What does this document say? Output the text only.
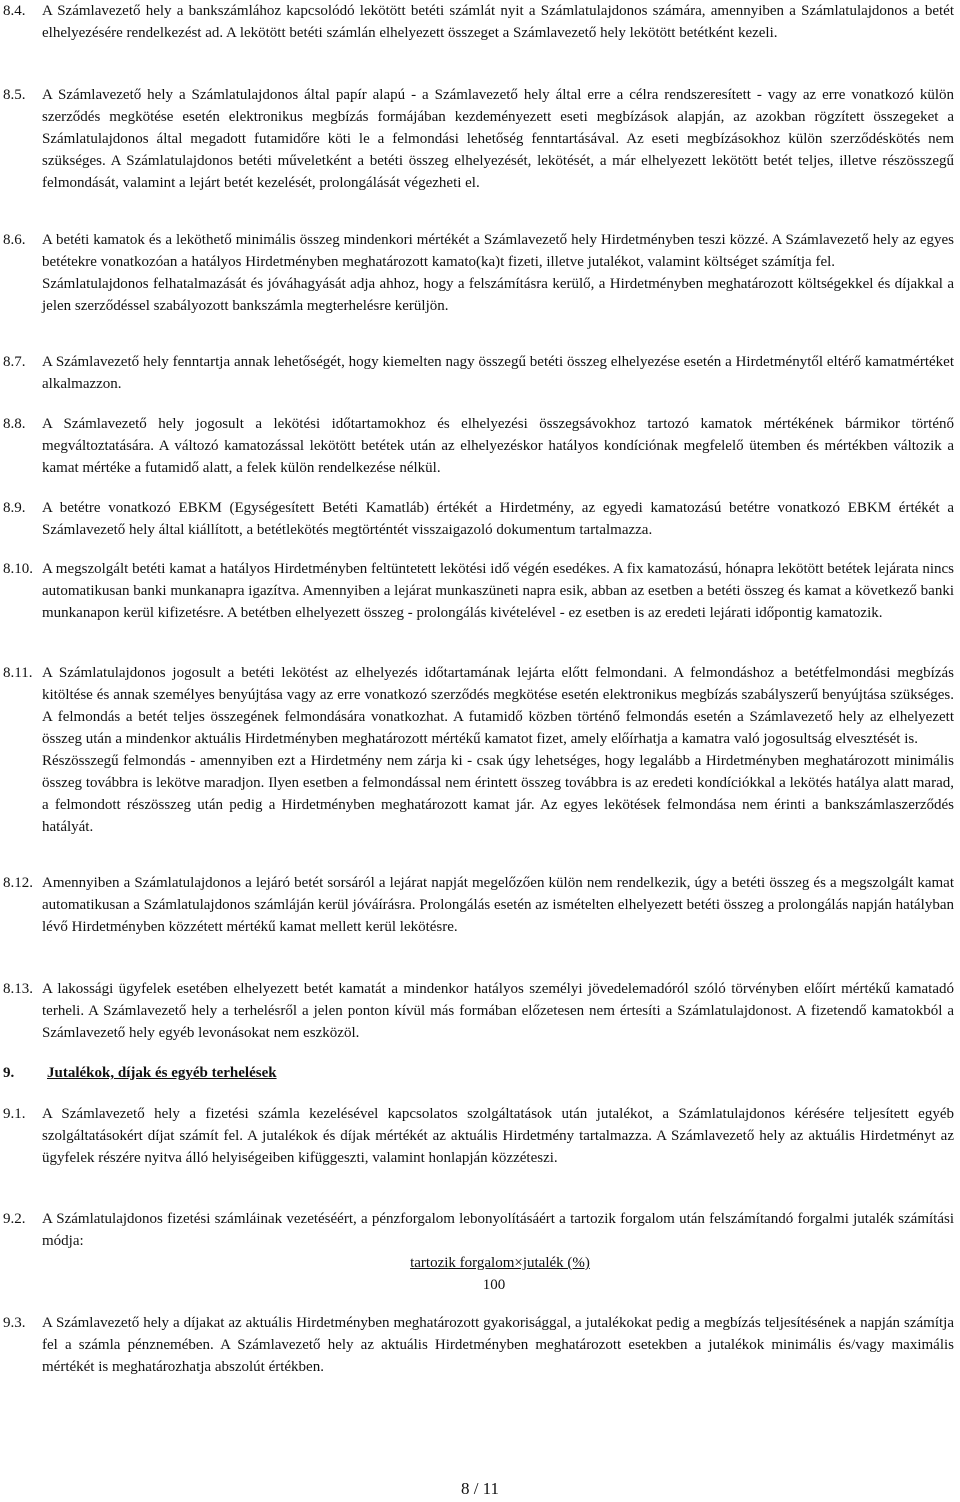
8.4. A Számlavezető hely a bankszámlához kapcsolódó lekötött betéti számlát nyit a Számlatulajdonos számára, amennyiben a Számlatulajdonos a betét elhelyezésére rendelkezést ad. A lekötött betéti számlán elhelyezett összeget a Számlavezető hely lekötött betétként kezeli.

8.5. A Számlavezető hely a Számlatulajdonos által papír alapú - a Számlavezető hely által erre a célra rendszeresített - vagy az erre vonatkozó külön szerződés megkötése esetén elektronikus megbízás formájában kezdeményezett eseti megbízások alapján, az azokban rögzített összegeket a Számlatulajdonos által megadott futamidőre köti le a felmondási lehetőség fenntartásával. Az eseti megbízásokhoz külön szerződéskötés nem szükséges. A Számlatulajdonos betéti műveletként a betéti összeg elhelyezését, lekötését, a már elhelyezett lekötött betét teljes, illetve részösszegű felmondását, valamint a lejárt betét kezelését, prolongálását végezheti el.

8.6. A betéti kamatok és a leköthető minimális összeg mindenkori mértékét a Számlavezető hely Hirdetményben teszi közzé. A Számlavezető hely az egyes betétekre vonatkozóan a hatályos Hirdetményben meghatározott kamato(ka)t fizeti, illetve jutalékot, valamint költséget számítja fel.

Számlatulajdonos felhatalmazását és jóváhagyását adja ahhoz, hogy a felszámításra kerülő, a Hirdetményben meghatározott költségekkel és díjakkal a jelen szerződéssel szabályozott bankszámla megterhelésre kerüljön.

8.7. A Számlavezető hely fenntartja annak lehetőségét, hogy kiemelten nagy összegű betéti összeg elhelyezése esetén a Hirdetménytől eltérő kamatmértéket alkalmazzon.

8.8. A Számlavezető hely jogosult a lekötési időtartamokhoz és elhelyezési összegsávokhoz tartozó kamatok mértékének bármikor történő megváltoztatására. A változó kamatozással lekötött betétek után az elhelyezéskor hatályos kondíciónak megfelelő ütemben és mértékben változik a kamat mértéke a futamidő alatt, a felek külön rendelkezése nélkül.

8.9. A betétre vonatkozó EBKM (Egységesített Betéti Kamatláb) értékét a Hirdetmény, az egyedi kamatozású betétre vonatkozó EBKM értékét a Számlavezető hely által kiállított, a betétlekötés megtörténtét visszaigazoló dokumentum tartalmazza.

8.10. A megszolgált betéti kamat a hatályos Hirdetményben feltüntetett lekötési idő végén esedékes. A fix kamatozású, hónapra lekötött betétek lejárata nincs automatikusan banki munkanapra igazítva. Amennyiben a lejárat munkaszüneti napra esik, abban az esetben a betéti összeg és kamat a következő banki munkanapon kerül kifizetésre. A betétben elhelyezett összeg - prolongálás kivételével - ez esetben is az eredeti lejárati időpontig kamatozik.

8.11. A Számlatulajdonos jogosult a betéti lekötést az elhelyezés időtartamának lejárta előtt felmondani. A felmondáshoz a betétfelmondási megbízás kitöltése és annak személyes benyújtása vagy az erre vonatkozó szerződés megkötése esetén elektronikus megbízás szabályszerű benyújtása szükséges. A felmondás a betét teljes összegének felmondására vonatkozhat. A futamidő közben történő felmondás esetén a Számlavezető hely az elhelyezett összeg után a mindenkor aktuális Hirdetményben meghatározott mértékű kamatot fizet, amely előírhatja a kamatra való jogosultság elvesztését is.

Részösszegű felmondás - amennyiben ezt a Hirdetmény nem zárja ki - csak úgy lehetséges, hogy legalább a Hirdetményben meghatározott minimális összeg továbbra is lekötve maradjon. Ilyen esetben a felmondással nem érintett összeg továbbra is az eredeti kondíciókkal a lekötés hatálya alatt marad, a felmondott részösszeg után pedig a Hirdetményben meghatározott kamat jár. Az egyes lekötések felmondása nem érinti a bankszámlaszerződés hatályát.

8.12. Amennyiben a Számlatulajdonos a lejáró betét sorsáról a lejárat napját megelőzően külön nem rendelkezik, úgy a betéti összeg és a megszolgált kamat automatikusan a Számlatulajdonos számláján kerül jóváírásra. Prolongálás esetén az ismételten elhelyezett betéti összeg a prolongálás napján hatályban lévő Hirdetményben közzétett mértékű kamat mellett kerül lekötésre.

8.13. A lakossági ügyfelek esetében elhelyezett betét kamatát a mindenkor hatályos személyi jövedelemadóról szóló törvényben előírt mértékű kamatadó terheli. A Számlavezető hely a terhelésről a jelen ponton kívül más formában előzetesen nem értesíti a Számlatulajdonost. A fizetendő kamatokból a Számlavezető hely egyéb levonásokat nem eszközöl.

9. Jutalékok, díjak és egyéb terhelések
9.1. A Számlavezető hely a fizetési számla kezelésével kapcsolatos szolgáltatások után jutalékot, a Számlatulajdonos kérésére teljesített egyéb szolgáltatásokért díjat számít fel. A jutalékok és díjak mértékét az aktuális Hirdetmény tartalmazza. A Számlavezető hely az aktuális Hirdetményt az ügyfelek részére nyitva álló helyiségeiben kifüggeszti, valamint honlapján közzéteszi.

9.2. A Számlatulajdonos fizetési számláinak vezetéséért, a pénzforgalom lebonyolításáért a tartozik forgalom után felszámítandó forgalmi jutalék számítási módja:

tartozik forgalom×jutalék (%)
100
9.3. A Számlavezető hely a díjakat az aktuális Hirdetményben meghatározott gyakorisággal, a jutalékokat pedig a megbízás teljesítésének a napján számítja fel a számla pénznemében. A Számlavezető hely az aktuális Hirdetményben meghatározott esetekben a jutalékok minimális és/vagy maximális mértékét is meghatározhatja abszolút értékben.

8 / 11
